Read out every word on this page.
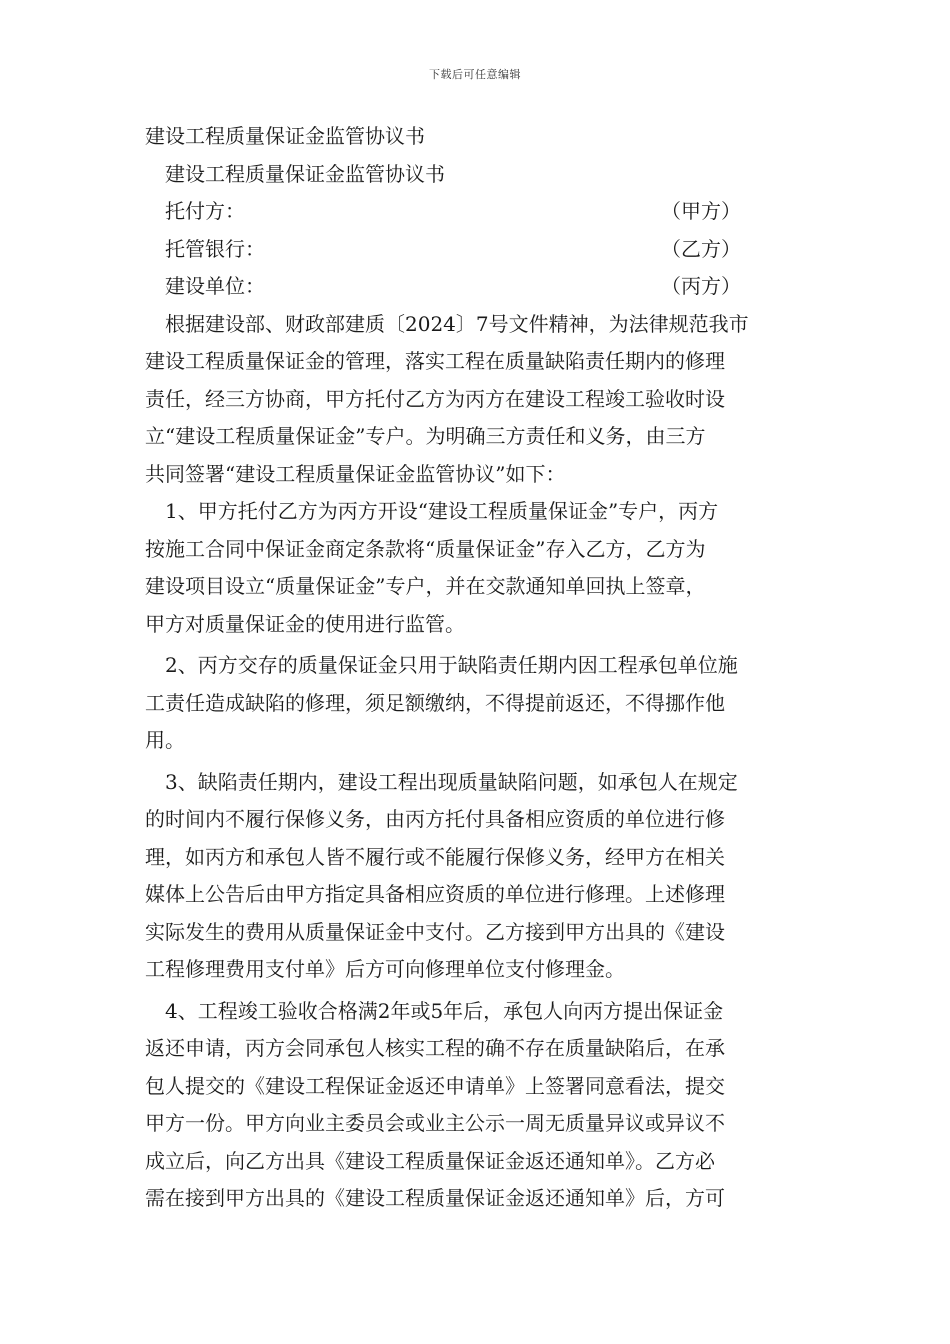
下载后可任意编辑
建设工程质量保证金监管协议书
建设工程质量保证金监管协议书
托付方：	（甲方）
托管银行：	（乙方）
建设单位：	（丙方）
根据建设部、财政部建质〔2024〕7号文件精神，为法律规范我市
建设工程质量保证金的管理，落实工程在质量缺陷责任期内的修理
责任，经三方协商，甲方托付乙方为丙方在建设工程竣工验收时设
立“建设工程质量保证金”专户。为明确三方责任和义务，由三方
共同签署“建设工程质量保证金监管协议”如下：
1、甲方托付乙方为丙方开设“建设工程质量保证金”专户，丙方
按施工合同中保证金商定条款将“质量保证金”存入乙方，乙方为
建设项目设立“质量保证金”专户，并在交款通知单回执上签章，
甲方对质量保证金的使用进行监管。
2、丙方交存的质量保证金只用于缺陷责任期内因工程承包单位施
工责任造成缺陷的修理，须足额缴纳，不得提前返还，不得挪作他
用。
3、缺陷责任期内，建设工程出现质量缺陷问题，如承包人在规定
的时间内不履行保修义务，由丙方托付具备相应资质的单位进行修
理，如丙方和承包人皆不履行或不能履行保修义务，经甲方在相关
媒体上公告后由甲方指定具备相应资质的单位进行修理。上述修理
实际发生的费用从质量保证金中支付。乙方接到甲方出具的《建设
工程修理费用支付单》后方可向修理单位支付修理金。
4、工程竣工验收合格满2年或5年后，承包人向丙方提出保证金
返还申请，丙方会同承包人核实工程的确不存在质量缺陷后，在承
包人提交的《建设工程保证金返还申请单》上签署同意看法，提交
甲方一份。甲方向业主委员会或业主公示一周无质量异议或异议不
成立后，向乙方出具《建设工程质量保证金返还通知单》。乙方必
需在接到甲方出具的《建设工程质量保证金返还通知单》后，方可
